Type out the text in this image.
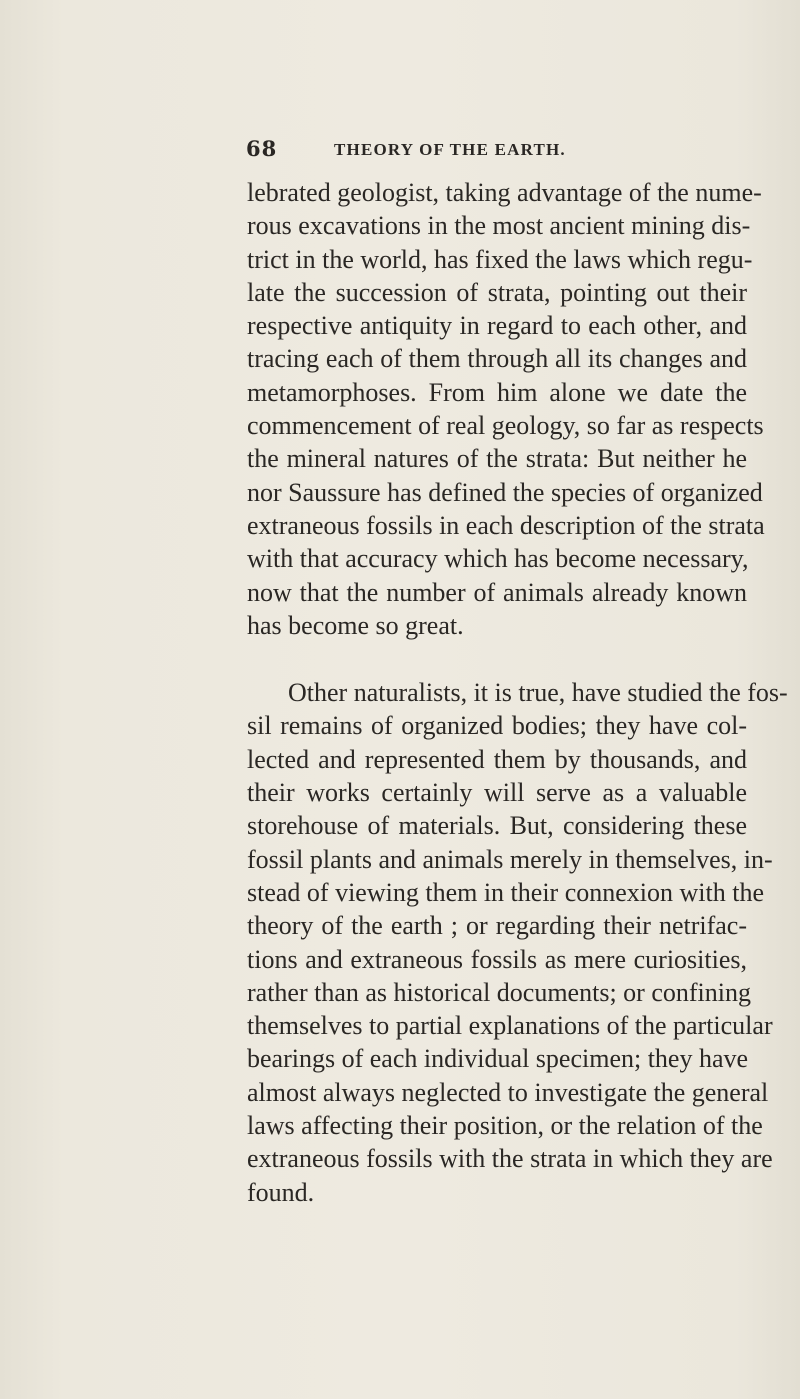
68	THEORY OF THE EARTH.
lebrated geologist, taking advantage of the nume-
rous excavations in the most ancient mining dis-
trict in the world, has fixed the laws which regu-
late the succession of strata, pointing out their
respective antiquity in regard to each other, and
tracing each of them through all its changes and
metamorphoses. From him alone we date the
commencement of real geology, so far as respects
the mineral natures of the strata: But neither he
nor Saussure has defined the species of organized
extraneous fossils in each description of the strata
with that accuracy which has become necessary,
now that the number of animals already known
has become so great.
Other naturalists, it is true, have studied the fos-
sil remains of organized bodies; they have col-
lected and represented them by thousands, and
their works certainly will serve as a valuable
storehouse of materials. But, considering these
fossil plants and animals merely in themselves, in-
stead of viewing them in their connexion with the
theory of the earth ; or regarding their netrifac-
tions and extraneous fossils as mere curiosities,
rather than as historical documents; or confining
themselves to partial explanations of the particular
bearings of each individual specimen; they have
almost always neglected to investigate the general
laws affecting their position, or the relation of the
extraneous fossils with the strata in which they are
found.
